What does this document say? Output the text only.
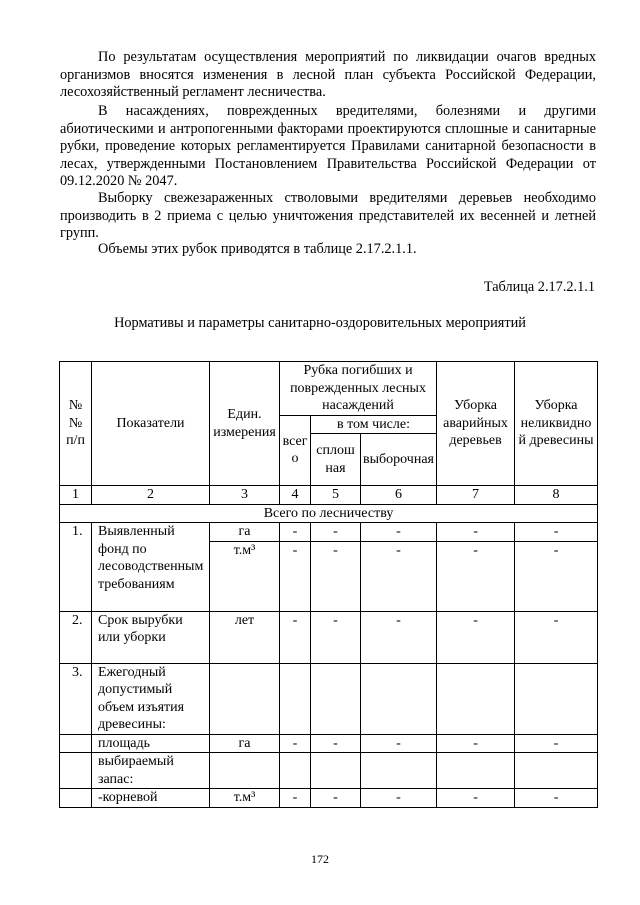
По результатам осуществления мероприятий по ликвидации очагов вредных организмов вносятся изменения в лесной план субъекта Российской Федерации, лесохозяйственный регламент лесничества.

В насаждениях, поврежденных вредителями, болезнями и другими абиотическими и антропогенными факторами проектируются сплошные и санитарные рубки, проведение которых регламентируется Правилами санитарной безопасности в лесах, утвержденными Постановлением Правительства Российской Федерации от 09.12.2020 № 2047.

Выборку свежезараженных стволовыми вредителями деревьев необходимо производить в 2 приема с целью уничтожения представителей их весенней и летней групп.

Объемы этих рубок приводятся в таблице 2.17.2.1.1.

Таблица 2.17.2.1.1

Нормативы и параметры санитарно-оздоровительных мероприятий

№ № п/п	Показатели	Един. измерения	Рубка погибших и поврежденных лесных насаждений			Уборка аварийных деревьев	Уборка неликвидной древесины
			всего	в том числе:			
				сплошная	выборочная		
1	2	3	4	5	6	7	8
Всего по лесничеству							
1.	Выявленный фонд по лесоводственным требованиям	га	-	-	-	-	-
		т.м³	-	-	-	-	-
2.	Срок вырубки или уборки	лет	-	-	-	-	-
3.	Ежегодный допустимый объем изъятия древесины:						
	площадь	га	-	-	-	-	-
	выбираемый запас:						
	-корневой	т.м³	-	-	-	-	-

172
